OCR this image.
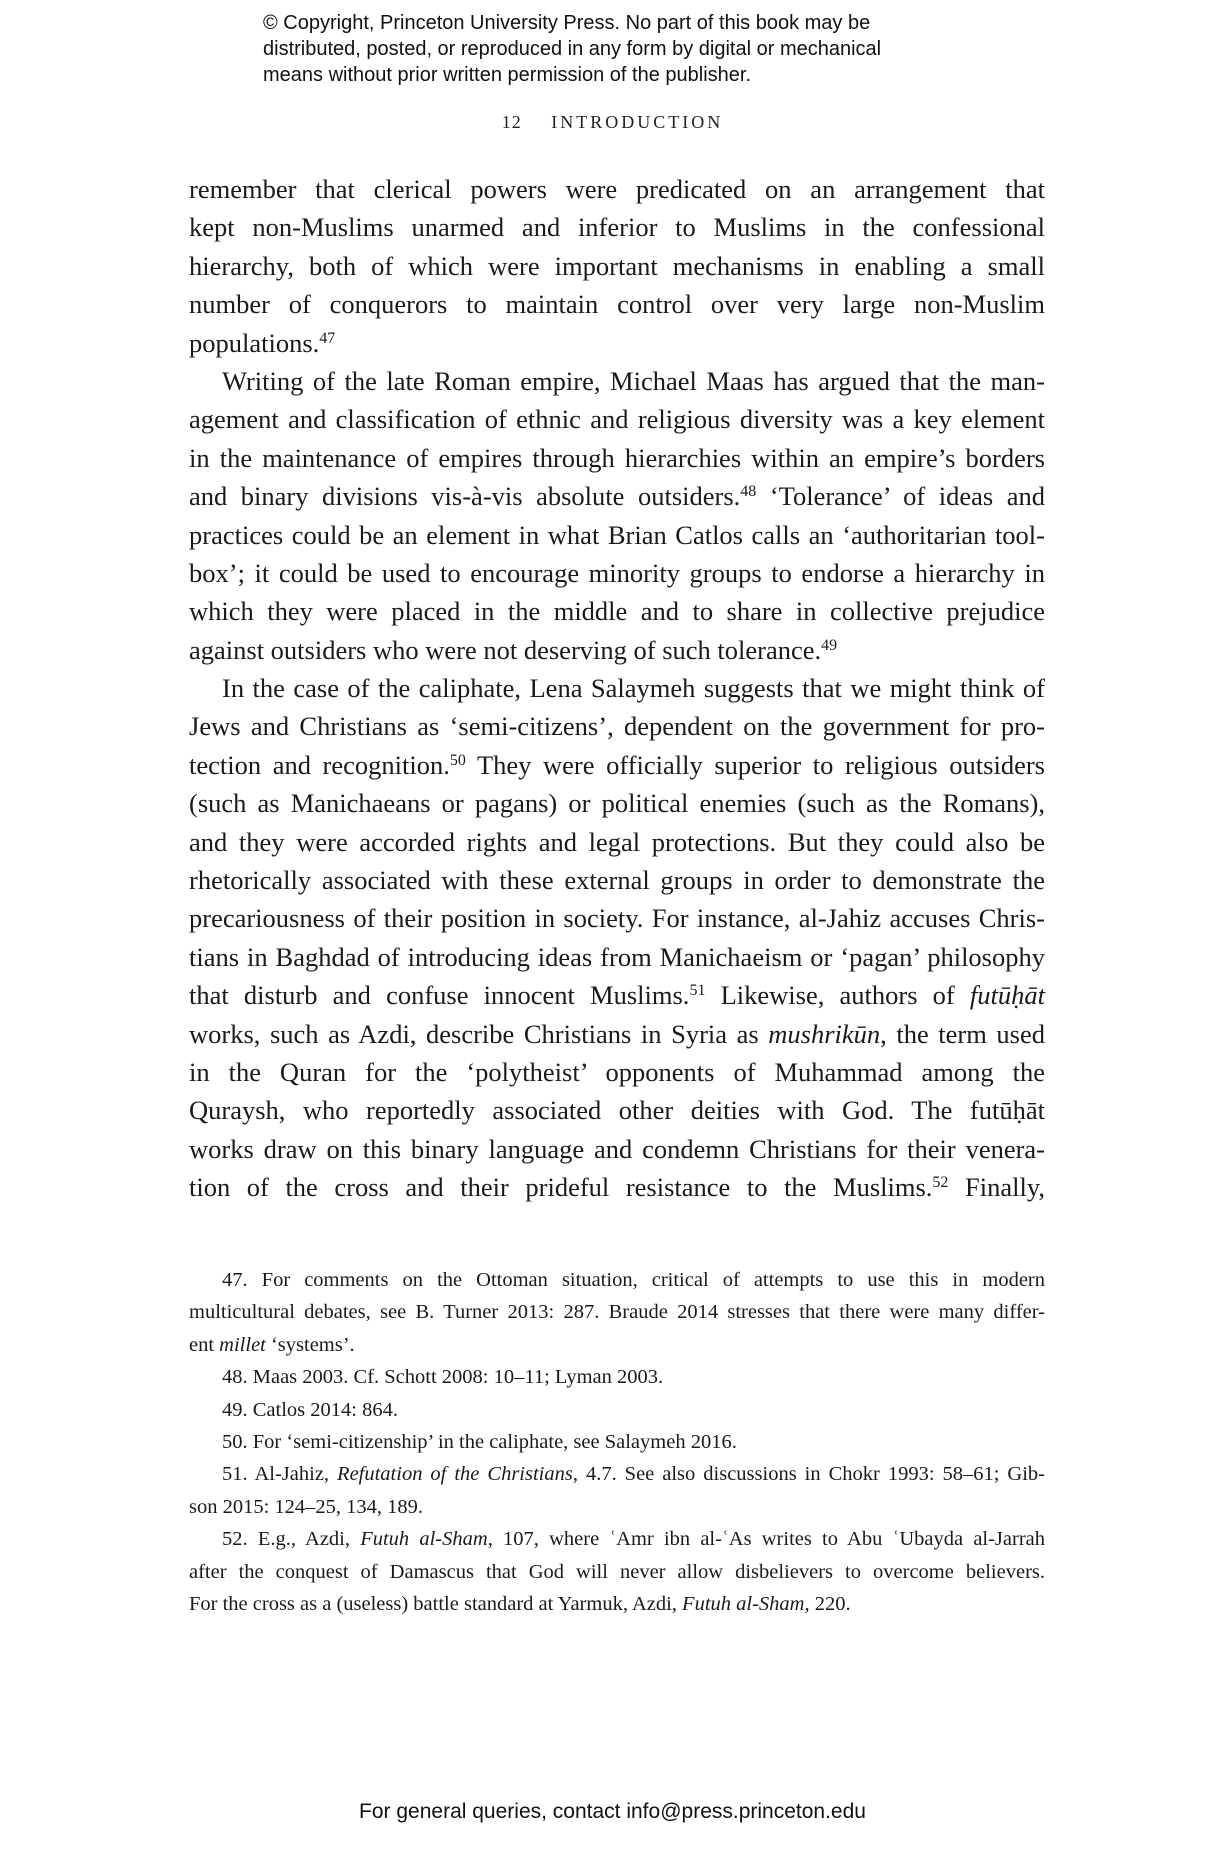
© Copyright, Princeton University Press. No part of this book may be
distributed, posted, or reproduced in any form by digital or mechanical
means without prior written permission of the publisher.
12 INTRODUCTION
remember that clerical powers were predicated on an arrangement that
kept non-Muslims unarmed and inferior to Muslims in the confessional
hierarchy, both of which were important mechanisms in enabling a small
number of conquerors to maintain control over very large non-Muslim
populations.$^{47}$
Writing of the late Roman empire, Michael Maas has argued that the man-
agement and classification of ethnic and religious diversity was a key element
in the maintenance of empires through hierarchies within an empire’s borders
and binary divisions vis-à-vis absolute outsiders.$^{48}$ ‘Tolerance’ of ideas and
practices could be an element in what Brian Catlos calls an ‘authoritarian tool-
box’; it could be used to encourage minority groups to endorse a hierarchy in
which they were placed in the middle and to share in collective prejudice
against outsiders who were not deserving of such tolerance.$^{49}$
In the case of the caliphate, Lena Salaymeh suggests that we might think of
Jews and Christians as ‘semi-citizens’, dependent on the government for pro-
tection and recognition.$^{50}$ They were officially superior to religious outsiders
(such as Manichaeans or pagans) or political enemies (such as the Romans),
and they were accorded rights and legal protections. But they could also be
rhetorically associated with these external groups in order to demonstrate the
precariousness of their position in society. For instance, al-Jahiz accuses Chris-
tians in Baghdad of introducing ideas from Manichaeism or ‘pagan’ philosophy
that disturb and confuse innocent Muslims.$^{51}$ Likewise, authors of futūḥāt
works, such as Azdi, describe Christians in Syria as mushrikūn, the term used
in the Quran for the ‘polytheist’ opponents of Muhammad among the
Quraysh, who reportedly associated other deities with God. The futūḥāt
works draw on this binary language and condemn Christians for their venera-
tion of the cross and their prideful resistance to the Muslims.$^{52}$ Finally,
47. For comments on the Ottoman situation, critical of attempts to use this in modern
multicultural debates, see B. Turner 2013: 287. Braude 2014 stresses that there were many differ-
ent millet ‘systems’.
48. Maas 2003. Cf. Schott 2008: 10–11; Lyman 2003.
49. Catlos 2014: 864.
50. For ‘semi-citizenship’ in the caliphate, see Salaymeh 2016.
51. Al-Jahiz, Refutation of the Christians, 4.7. See also discussions in Chokr 1993: 58–61; Gib-
son 2015: 124–25, 134, 189.
52. E.g., Azdi, Futuh al-Sham, 107, where ʿAmr ibn al-ʿAs writes to Abu ʿUbayda al-Jarrah
after the conquest of Damascus that God will never allow disbelievers to overcome believers.
For the cross as a (useless) battle standard at Yarmuk, Azdi, Futuh al-Sham, 220.
For general queries, contact info@press.princeton.edu
